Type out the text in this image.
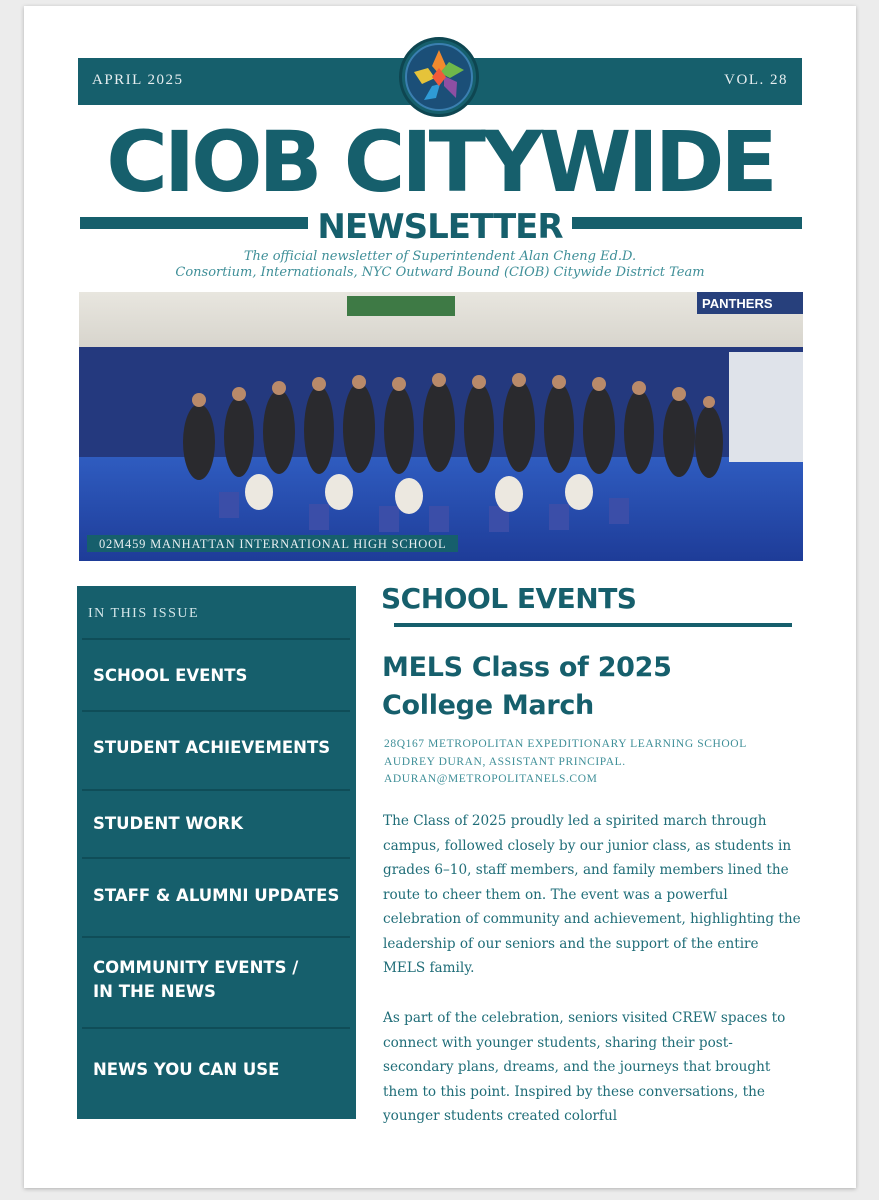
APRIL 2025	VOL. 28
CIOB CITYWIDE
NEWSLETTER
The official newsletter of Superintendent Alan Cheng Ed.D.
Consortium, Internationals, NYC Outward Bound (CIOB) Citywide District Team
PANTHERS
02M459 MANHATTAN INTERNATIONAL HIGH SCHOOL
IN THIS ISSUE
SCHOOL EVENTS
STUDENT ACHIEVEMENTS
STUDENT WORK
STAFF & ALUMNI UPDATES
COMMUNITY EVENTS /
IN THE NEWS
NEWS YOU CAN USE
SCHOOL EVENTS
MELS Class of 2025
College March
28Q167 METROPOLITAN EXPEDITIONARY LEARNING SCHOOL
AUDREY DURAN, ASSISTANT PRINCIPAL.
ADURAN@METROPOLITANELS.COM

The Class of 2025 proudly led a spirited march through campus, followed closely by our junior class, as students in grades 6–10, staff members, and family members lined the route to cheer them on. The event was a powerful celebration of community and achievement, highlighting the leadership of our seniors and the support of the entire MELS family.

As part of the celebration, seniors visited CREW spaces to connect with younger students, sharing their post-secondary plans, dreams, and the journeys that brought them to this point. Inspired by these conversations, the younger students created colorful
